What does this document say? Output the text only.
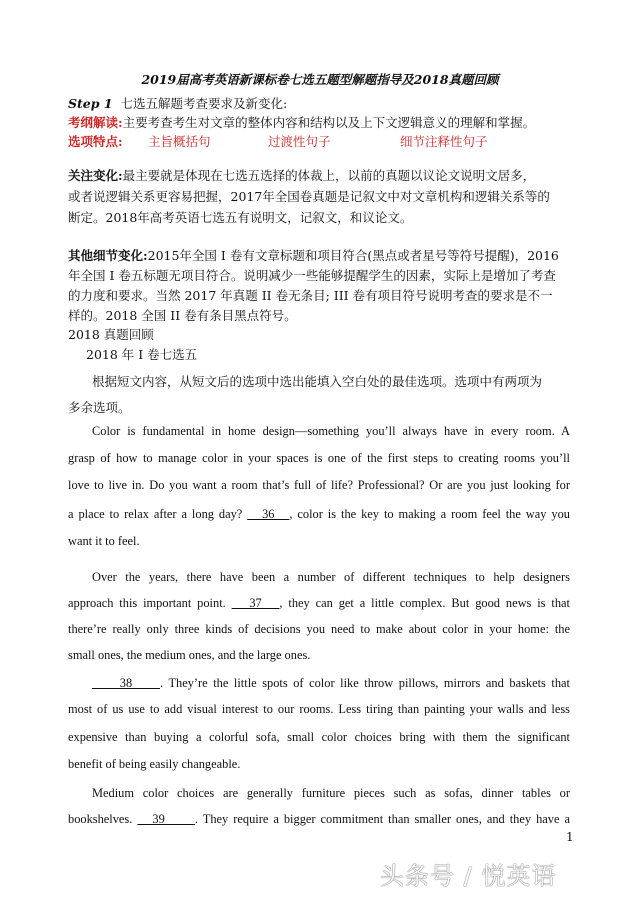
2019届高考英语新课标卷七选五题型解题指导及2018真题回顾
Step 1 七选五解题考查要求及新变化:
考纲解读:主要考查考生对文章的整体内容和结构以及上下文逻辑意义的理解和掌握。
选项特点: 主旨概括句	过渡性句子	细节注释性句子
关注变化:最主要就是体现在七选五选择的体裁上，以前的真题以议论文说明文居多，
或者说逻辑关系更容易把握，2017年全国卷真题是记叙文中对文章机构和逻辑关系等的
断定。2018年高考英语七选五有说明文，记叙文，和议论文。
其他细节变化:2015年全国 I 卷有文章标题和项目符合(黑点或者星号等符号提醒)，2016
年全国 I 卷五标题无项目符合。说明减少一些能够提醒学生的因素，实际上是增加了考查
的力度和要求。当然 2017 年真题 II 卷无条目; III 卷有项目符号说明考查的要求是不一
样的。2018 全国 II 卷有条目黑点符号。
2018 真题回顾
2018 年 I 卷七选五
根据短文内容，从短文后的选项中选出能填入空白处的最佳选项。选项中有两项为
多余选项。
Color is fundamental in home design—something you’ll always have in every room. A
grasp of how to manage color in your spaces is one of the first steps to creating rooms you’ll
love to live in. Do you want a room that’s full of life? Professional? Or are you just looking for
a place to relax after a long day?    36   , color is the key to making a room feel the way you
want it to feel.
Over the years, there have been a number of different techniques to help designers
approach this important point.    37   , they can get a little complex. But good news is that
there’re really only three kinds of decisions you need to make about color in your home: the
small ones, the medium ones, and the large ones.
38     . They’re the little spots of color like throw pillows, mirrors and baskets that
most of us use to add visual interest to our rooms. Less tiring than painting your walls and less
expensive than buying a colorful sofa, small color choices bring with them the significant
benefit of being easily changeable.
Medium color choices are generally furniture pieces such as sofas, dinner tables or
bookshelves.    39      . They require a bigger commitment than smaller ones, and they have a
1
头条号 / 悦英语
